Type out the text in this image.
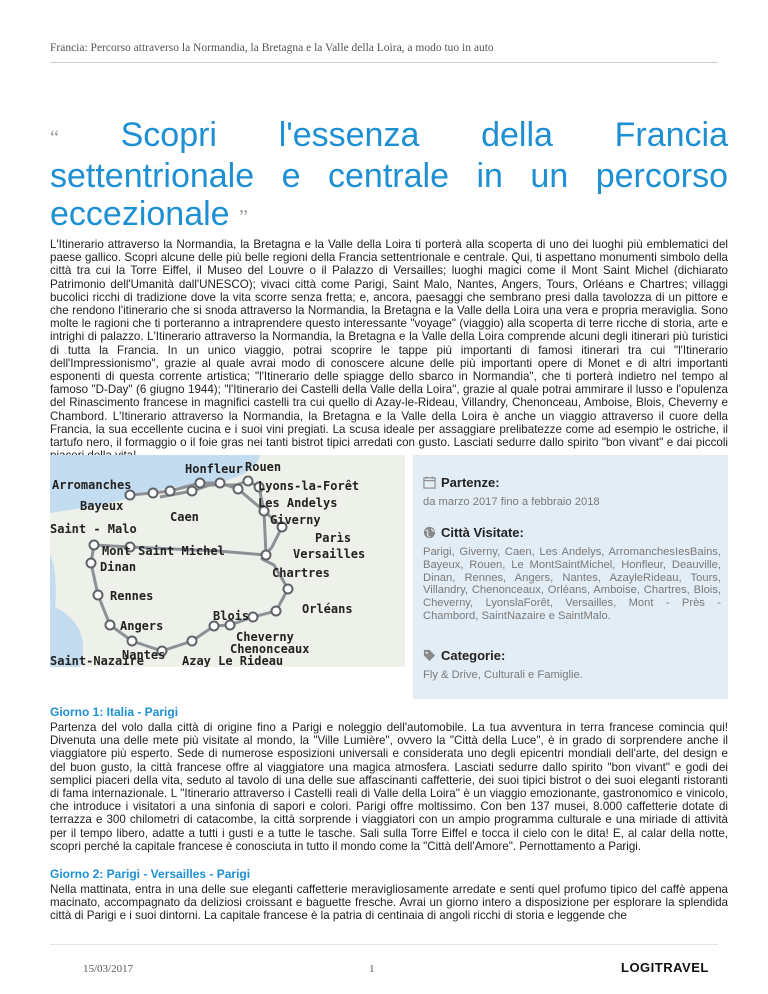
Francia: Percorso attraverso la Normandia, la Bretagna e la Valle della Loira, a modo tuo in auto
“ Scopri l'essenza della Francia settentrionale e centrale in un percorso eccezionale ”

L'Itinerario attraverso la Normandia, la Bretagna e la Valle della Loira ti porterà alla scoperta di uno dei luoghi più emblematici del paese gallico. Scopri alcune delle più belle regioni della Francia settentrionale e centrale. Qui, ti aspettano monumenti simbolo della città tra cui la Torre Eiffel, il Museo del Louvre o il Palazzo di Versailles; luoghi magici come il Mont Saint Michel (dichiarato Patrimonio dell'Umanità dall'UNESCO); vivaci città come Parigi, Saint Malo, Nantes, Angers, Tours, Orléans e Chartres; villaggi bucolici ricchi di tradizione dove la vita scorre senza fretta; e, ancora, paesaggi che sembrano presi dalla tavolozza di un pittore e che rendono l'itinerario che si snoda attraverso la Normandia, la Bretagna e la Valle della Loira una vera e propria meraviglia. Sono molte le ragioni che ti porteranno a intraprendere questo interessante "voyage" (viaggio) alla scoperta di terre ricche di storia, arte e intrighi di palazzo. L'Itinerario attraverso la Normandia, la Bretagna e la Valle della Loira comprende alcuni degli itinerari più turistici di tutta la Francia. In un unico viaggio, potrai scoprire le tappe più importanti di famosi itinerari tra cui "l'Itinerario dell'Impressionismo", grazie al quale avrai modo di conoscere alcune delle più importanti opere di Monet e di altri importanti esponenti di questa corrente artistica; "l'Itinerario delle spiagge dello sbarco in Normandia", che ti porterà indietro nel tempo al famoso "D-Day" (6 giugno 1944); "l'Itinerario dei Castelli della Valle della Loira", grazie al quale potrai ammirare il lusso e l'opulenza del Rinascimento francese in magnifici castelli tra cui quello di Azay-le-Rideau, Villandry, Chenonceau, Amboise, Blois, Cheverny e Chambord. L'Itinerario attraverso la Normandia, la Bretagna e la Valle della Loira è anche un viaggio attraverso il cuore della Francia, la sua eccellente cucina e i suoi vini pregiati. La scusa ideale per assaggiare prelibatezze come ad esempio le ostriche, il tartufo nero, il formaggio o il foie gras nei tanti bistrot tipici arredati con gusto. Lasciati sedurre dallo spirito "bon vivant" e dai piccoli

Honfleur Rouen
Arromanches	Lyons-la-Forêt
Bayeux	Les Andelys
Saint - Malo
Caen	Giverny
Parìs
Versailles
Mont Saint Michel
Dinan	Chartres
Rennes
Orléans
Blois
Angers
Cheverny
Chenonceaux
Nantes
Saint-Nazaire	Azay Le Rideau
Partenze:
da marzo 2017 fino a febbraio 2018
Città Visitate:
Parigi, Giverny, Caen, Les Andelys, ArromanchesIesBains, Bayeux, Rouen, Le MontSaintMichel, Honfleur, Deauville, Dinan, Rennes, Angers, Nantes, AzayleRideau, Tours, Villandry, Chenonceaux, Orléans, Amboise, Chartres, Blois, Cheverny, LyonslaForêt, Versailles, Mont - Près - Chambord, SaintNazaire e SaintMalo.
Categorie:
Fly & Drive, Culturali e Famiglie.
Giorno 1: Italia - Parigi

Partenza del volo dalla città di origine fino a Parigi e noleggio dell'automobile. La tua avventura in terra francese comincia qui! Divenuta una delle mete più visitate al mondo, la "Ville Lumière", ovvero la "Città della Luce", è in grado di sorprendere anche il viaggiatore più esperto. Sede di numerose esposizioni universali e considerata uno degli epicentri mondiali dell'arte, del design e del buon gusto, la città francese offre al viaggiatore una magica atmosfera. Lasciati sedurre dallo spirito "bon vivant" e godi dei semplici piaceri della vita, seduto al tavolo di una delle sue affascinanti caffetterie, dei suoi tipici bistrot o dei suoi eleganti ristoranti di fama internazionale. L "Itinerario attraverso i Castelli reali di Valle della Loira" è un viaggio emozionante, gastronomico e vinicolo, che introduce i visitatori a una sinfonia di sapori e colori. Parigi offre moltissimo. Con ben 137 musei, 8.000 caffetterie dotate di terrazza e 300 chilometri di catacombe, la città sorprende i viaggiatori con un ampio programma culturale e una miriade di attività per il tempo libero, adatte a tutti i gusti e a tutte le tasche. Sali sulla Torre Eiffel e tocca il cielo con le dita! E, al calar della notte, scopri perché la capitale francese è conosciuta in tutto il mondo come la "Città dell'Amore". Pernottamento a Parigi.

Giorno 2: Parigi - Versailles - Parigi

Nella mattinata, entra in una delle sue eleganti caffetterie meravigliosamente arredate e senti quel profumo tipico del caffè appena macinato, accompagnato da deliziosi croissant e baguette fresche. Avrai un giorno intero a disposizione per esplorare la splendida città di Parigi e i suoi dintorni. La capitale francese è la patria di centinaia di angoli ricchi di storia e leggende che

15/03/2017	1	LOGITRAVEL
